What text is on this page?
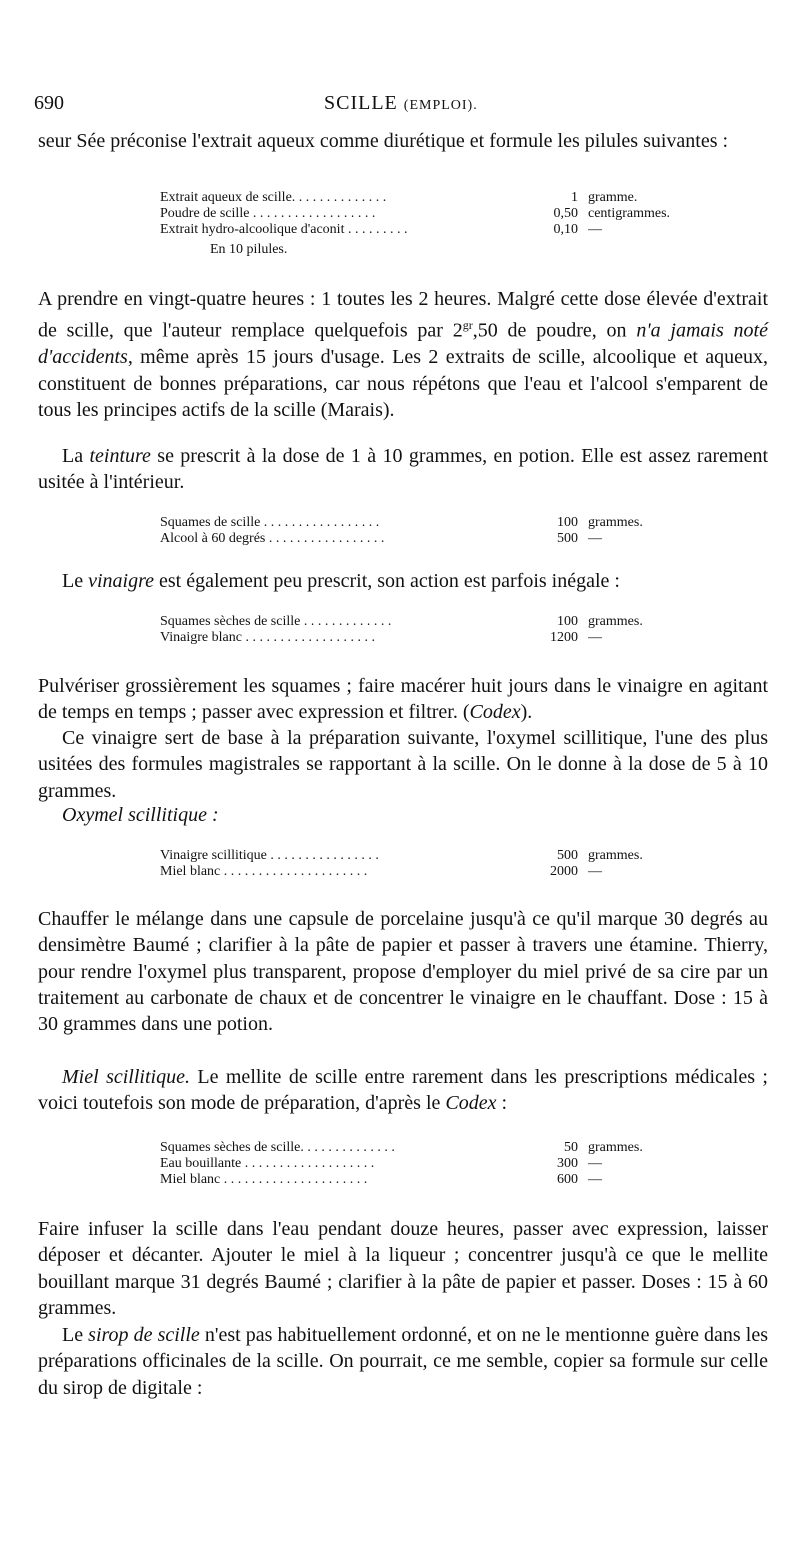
690	SCILLE (EMPLOI).

seur Sée préconise l'extrait aqueux comme diurétique et formule les pilules suivantes :

Extrait aqueux de scille. . . . . . . . . . . . . .	1 gramme.
Poudre de scille . . . . . . . . . . . . . . . . . .	0,50 centigrammes.
Extrait hydro-alcoolique d'aconit . . . . . . . . .	0,10 —
En 10 pilules.

A prendre en vingt-quatre heures : 1 toutes les 2 heures. Malgré cette dose élevée d'extrait de scille, que l'auteur remplace quelquefois par $2^{gr},50$ de poudre, on n'a jamais noté d'accidents, même après 15 jours d'usage. Les 2 extraits de scille, alcoolique et aqueux, constituent de bonnes préparations, car nous répétons que l'eau et l'alcool s'emparent de tous les principes actifs de la scille (Marais).

La teinture se prescrit à la dose de 1 à 10 grammes, en potion. Elle est assez rarement usitée à l'intérieur.

Squames de scille . . . . . . . . . . . . . . . . .	100 grammes.
Alcool à 60 degrés . . . . . . . . . . . . . . . . .	500 —

Le vinaigre est également peu prescrit, son action est parfois inégale :

Squames sèches de scille . . . . . . . . . . . . .	100 grammes.
Vinaigre blanc . . . . . . . . . . . . . . . . . . .	1200 —

Pulvériser grossièrement les squames ; faire macérer huit jours dans le vinaigre en agitant de temps en temps ; passer avec expression et filtrer. (Codex).

Ce vinaigre sert de base à la préparation suivante, l'oxymel scillitique, l'une des plus usitées des formules magistrales se rapportant à la scille. On le donne à la dose de 5 à 10 grammes.

Oxymel scillitique :
Vinaigre scillitique . . . . . . . . . . . . . . . .	500 grammes.
Miel blanc . . . . . . . . . . . . . . . . . . . . .	2000 —

Chauffer le mélange dans une capsule de porcelaine jusqu'à ce qu'il marque 30 degrés au densimètre Baumé ; clarifier à la pâte de papier et passer à travers une étamine. Thierry, pour rendre l'oxymel plus transparent, propose d'employer du miel privé de sa cire par un traitement au carbonate de chaux et de concentrer le vinaigre en le chauffant. Dose : 15 à 30 grammes dans une potion.

Miel scillitique. Le mellite de scille entre rarement dans les prescriptions médicales ; voici toutefois son mode de préparation, d'après le Codex :

Squames sèches de scille. . . . . . . . . . . . . .	50 grammes.
Eau bouillante . . . . . . . . . . . . . . . . . . .	300 —
Miel blanc . . . . . . . . . . . . . . . . . . . . .	600 —

Faire infuser la scille dans l'eau pendant douze heures, passer avec expression, laisser déposer et décanter. Ajouter le miel à la liqueur ; concentrer jusqu'à ce que le mellite bouillant marque 31 degrés Baumé ; clarifier à la pâte de papier et passer. Doses : 15 à 60 grammes.

Le sirop de scille n'est pas habituellement ordonné, et on ne le mentionne guère dans les préparations officinales de la scille. On pourrait, ce me semble, copier sa formule sur celle du sirop de digitale :
